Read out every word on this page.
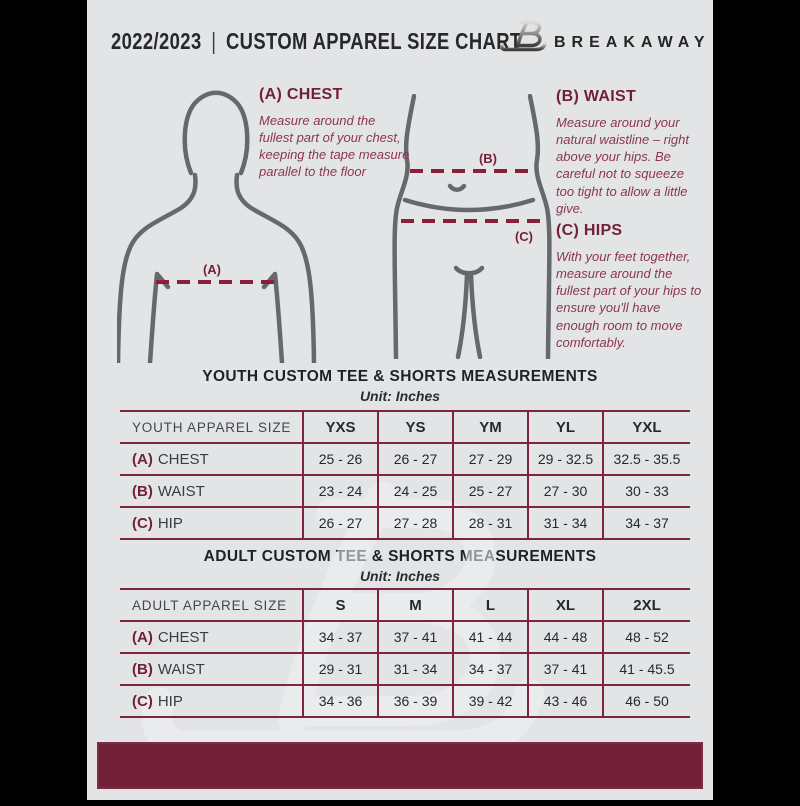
2022/2023 | CUSTOM APPAREL SIZE CHART BREAKAWAY
(A)
(B)
(C)
(A) CHEST
Measure around the fullest part of your chest, keeping the tape measure parallel to the floor
(B) WAIST
Measure around your natural waistline – right above your hips. Be careful not to squeeze too tight to allow a little give.
(C) HIPS
With your feet together, measure around the fullest part of your hips to ensure you'll have enough room to move comfortably.
YOUTH CUSTOM TEE & SHORTS MEASUREMENTS
Unit: Inches
YOUTH APPAREL SIZE	YXS	YS	YM	YL	YXL
(A) CHEST	25 - 26	26 - 27	27 - 29	29 - 32.5	32.5 - 35.5
(B) WAIST	23 - 24	24 - 25	25 - 27	27 - 30	30 - 33
(C) HIP	26 - 27	27 - 28	28 - 31	31 - 34	34 - 37
ADULT CUSTOM TEE & SHORTS MEASUREMENTS
Unit: Inches
ADULT APPAREL SIZE	S	M	L	XL	2XL
(A) CHEST	34 - 37	37 - 41	41 - 44	44 - 48	48 - 52
(B) WAIST	29 - 31	31 - 34	34 - 37	37 - 41	41 - 45.5
(C) HIP	34 - 36	36 - 39	39 - 42	43 - 46	46 - 50
